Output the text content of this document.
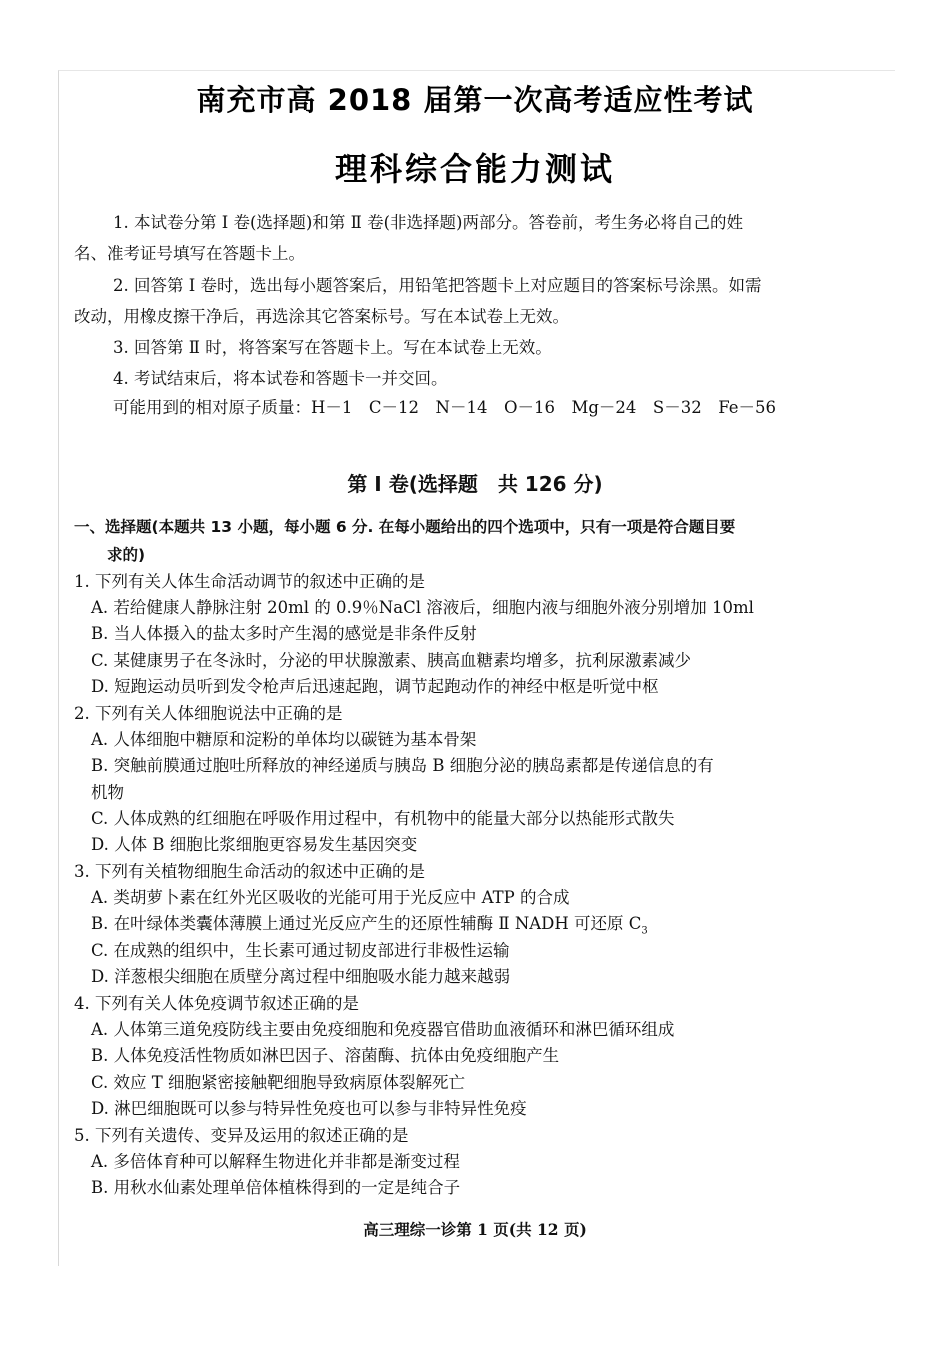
南充市高 2018 届第一次高考适应性考试
理科综合能力测试
1. 本试卷分第 Ⅰ 卷(选择题)和第 Ⅱ 卷(非选择题)两部分。答卷前，考生务必将自己的姓
名、准考证号填写在答题卡上。
2. 回答第 Ⅰ 卷时，选出每小题答案后，用铅笔把答题卡上对应题目的答案标号涂黑。如需
改动，用橡皮擦干净后，再选涂其它答案标号。写在本试卷上无效。
3. 回答第 Ⅱ 时，将答案写在答题卡上。写在本试卷上无效。
4. 考试结束后，将本试卷和答题卡一并交回。
可能用到的相对原子质量：H－1　C－12　N－14　O－16　Mg－24　S－32　Fe－56
第 Ⅰ 卷(选择题　共 126 分)
一、选择题(本题共 13 小题，每小题 6 分. 在每小题给出的四个选项中，只有一项是符合题目要
求的)
1. 下列有关人体生命活动调节的叙述中正确的是
A. 若给健康人静脉注射 20ml 的 0.9％NaCl 溶液后，细胞内液与细胞外液分别增加 10ml
B. 当人体摄入的盐太多时产生渴的感觉是非条件反射
C. 某健康男子在冬泳时，分泌的甲状腺激素、胰高血糖素均增多，抗利尿激素减少
D. 短跑运动员听到发令枪声后迅速起跑，调节起跑动作的神经中枢是听觉中枢
2. 下列有关人体细胞说法中正确的是
A. 人体细胞中糖原和淀粉的单体均以碳链为基本骨架
B. 突触前膜通过胞吐所释放的神经递质与胰岛 B 细胞分泌的胰岛素都是传递信息的有
机物
C. 人体成熟的红细胞在呼吸作用过程中，有机物中的能量大部分以热能形式散失
D. 人体 B 细胞比浆细胞更容易发生基因突变
3. 下列有关植物细胞生命活动的叙述中正确的是
A. 类胡萝卜素在红外光区吸收的光能可用于光反应中 ATP 的合成
B. 在叶绿体类囊体薄膜上通过光反应产生的还原性辅酶 Ⅱ NADH 可还原 $C_3$
C. 在成熟的组织中，生长素可通过韧皮部进行非极性运输
D. 洋葱根尖细胞在质壁分离过程中细胞吸水能力越来越弱
4. 下列有关人体免疫调节叙述正确的是
A. 人体第三道免疫防线主要由免疫细胞和免疫器官借助血液循环和淋巴循环组成
B. 人体免疫活性物质如淋巴因子、溶菌酶、抗体由免疫细胞产生
C. 效应 T 细胞紧密接触靶细胞导致病原体裂解死亡
D. 淋巴细胞既可以参与特异性免疫也可以参与非特异性免疫
5. 下列有关遗传、变异及运用的叙述正确的是
A. 多倍体育种可以解释生物进化并非都是渐变过程
B. 用秋水仙素处理单倍体植株得到的一定是纯合子
高三理综一诊第 1 页(共 12 页)
